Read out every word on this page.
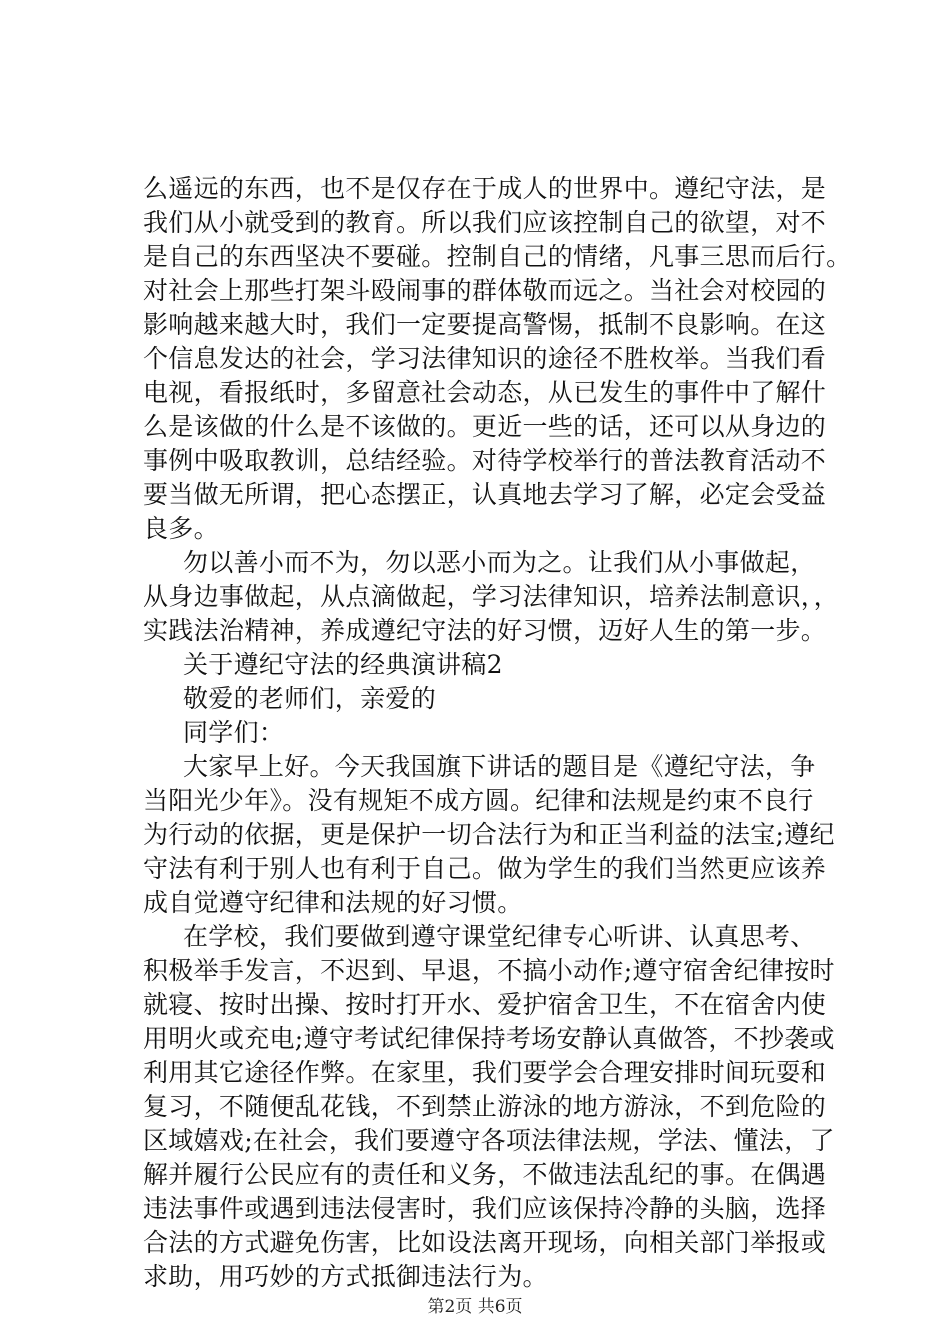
么遥远的东西，也不是仅存在于成人的世界中。遵纪守法，是
我们从小就受到的教育。所以我们应该控制自己的欲望，对不
是自己的东西坚决不要碰。控制自己的情绪，凡事三思而后行。
对社会上那些打架斗殴闹事的群体敬而远之。当社会对校园的
影响越来越大时，我们一定要提高警惕，抵制不良影响。在这
个信息发达的社会，学习法律知识的途径不胜枚举。当我们看
电视，看报纸时，多留意社会动态，从已发生的事件中了解什
么是该做的什么是不该做的。更近一些的话，还可以从身边的
事例中吸取教训，总结经验。对待学校举行的普法教育活动不
要当做无所谓，把心态摆正，认真地去学习了解，必定会受益
良多。
勿以善小而不为，勿以恶小而为之。让我们从小事做起，
从身边事做起，从点滴做起，学习法律知识，培养法制意识，，
实践法治精神，养成遵纪守法的好习惯，迈好人生的第一步。
关于遵纪守法的经典演讲稿2
敬爱的老师们，亲爱的
同学们：
大家早上好。今天我国旗下讲话的题目是《遵纪守法，争
当阳光少年》。没有规矩不成方圆。纪律和法规是约束不良行
为行动的依据，更是保护一切合法行为和正当利益的法宝;遵纪
守法有利于别人也有利于自己。做为学生的我们当然更应该养
成自觉遵守纪律和法规的好习惯。
在学校，我们要做到遵守课堂纪律专心听讲、认真思考、
积极举手发言，不迟到、早退，不搞小动作;遵守宿舍纪律按时
就寝、按时出操、按时打开水、爱护宿舍卫生，不在宿舍内使
用明火或充电;遵守考试纪律保持考场安静认真做答，不抄袭或
利用其它途径作弊。在家里，我们要学会合理安排时间玩耍和
复习，不随便乱花钱，不到禁止游泳的地方游泳，不到危险的
区域嬉戏;在社会，我们要遵守各项法律法规，学法、懂法，了
解并履行公民应有的责任和义务，不做违法乱纪的事。在偶遇
违法事件或遇到违法侵害时，我们应该保持冷静的头脑，选择
合法的方式避免伤害，比如设法离开现场，向相关部门举报或
求助，用巧妙的方式抵御违法行为。
第2页 共6页
